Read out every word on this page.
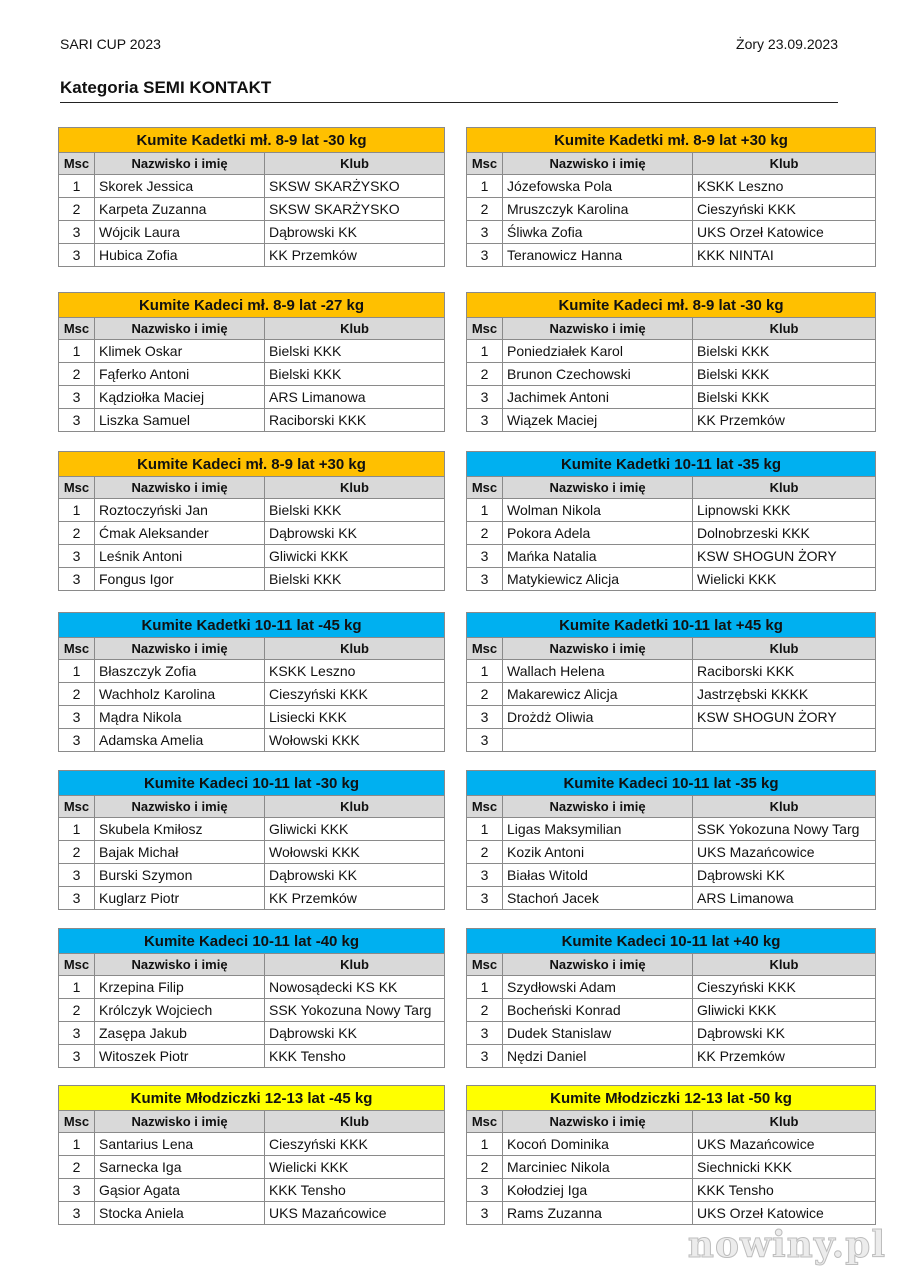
SARI CUP 2023	Żory 23.09.2023
Kategoria SEMI KONTAKT
Kumite Kadetki mł. 8-9 lat -30 kg		
Msc	Nazwisko i imię	Klub
1	Skorek Jessica	SKSW SKARŻYSKO
2	Karpeta Zuzanna	SKSW SKARŻYSKO
3	Wójcik Laura	Dąbrowski KK
3	Hubica Zofia	KK Przemków
Kumite Kadetki mł. 8-9 lat +30 kg		
Msc	Nazwisko i imię	Klub
1	Józefowska Pola	KSKK Leszno
2	Mruszczyk Karolina	Cieszyński KKK
3	Śliwka Zofia	UKS Orzeł Katowice
3	Teranowicz Hanna	KKK NINTAI
Kumite Kadeci mł. 8-9 lat -27 kg		
Msc	Nazwisko i imię	Klub
1	Klimek Oskar	Bielski KKK
2	Fąferko Antoni	Bielski KKK
3	Kądziołka Maciej	ARS Limanowa
3	Liszka Samuel	Raciborski KKK
Kumite Kadeci mł. 8-9 lat -30 kg		
Msc	Nazwisko i imię	Klub
1	Poniedziałek Karol	Bielski KKK
2	Brunon Czechowski	Bielski KKK
3	Jachimek Antoni	Bielski KKK
3	Wiązek Maciej	KK Przemków
Kumite Kadeci mł. 8-9 lat +30 kg		
Msc	Nazwisko i imię	Klub
1	Roztoczyński Jan	Bielski KKK
2	Ćmak Aleksander	Dąbrowski KK
3	Leśnik Antoni	Gliwicki KKK
3	Fongus Igor	Bielski KKK
Kumite Kadetki 10-11 lat -35 kg		
Msc	Nazwisko i imię	Klub
1	Wolman Nikola	Lipnowski KKK
2	Pokora Adela	Dolnobrzeski KKK
3	Mańka Natalia	KSW SHOGUN ŻORY
3	Matykiewicz Alicja	Wielicki KKK
Kumite Kadetki 10-11 lat -45 kg		
Msc	Nazwisko i imię	Klub
1	Błaszczyk Zofia	KSKK Leszno
2	Wachholz Karolina	Cieszyński KKK
3	Mądra Nikola	Lisiecki KKK
3	Adamska Amelia	Wołowski KKK
Kumite Kadetki 10-11 lat +45 kg		
Msc	Nazwisko i imię	Klub
1	Wallach Helena	Raciborski KKK
2	Makarewicz Alicja	Jastrzębski KKKK
3	Drożdż Oliwia	KSW SHOGUN ŻORY
3		
Kumite Kadeci 10-11 lat -30 kg		
Msc	Nazwisko i imię	Klub
1	Skubela Kmiłosz	Gliwicki KKK
2	Bajak Michał	Wołowski KKK
3	Burski Szymon	Dąbrowski KK
3	Kuglarz Piotr	KK Przemków
Kumite Kadeci 10-11 lat -35 kg		
Msc	Nazwisko i imię	Klub
1	Ligas Maksymilian	SSK Yokozuna Nowy Targ
2	Kozik Antoni	UKS Mazańcowice
3	Białas Witold	Dąbrowski KK
3	Stachoń Jacek	ARS Limanowa
Kumite Kadeci 10-11 lat -40 kg		
Msc	Nazwisko i imię	Klub
1	Krzepina Filip	Nowosądecki KS KK
2	Królczyk Wojciech	SSK Yokozuna Nowy Targ
3	Zasępa Jakub	Dąbrowski KK
3	Witoszek Piotr	KKK Tensho
Kumite Kadeci 10-11 lat +40 kg		
Msc	Nazwisko i imię	Klub
1	Szydłowski Adam	Cieszyński KKK
2	Bocheński Konrad	Gliwicki KKK
3	Dudek Stanislaw	Dąbrowski KK
3	Nędzi Daniel	KK Przemków
Kumite Młodziczki 12-13 lat -45 kg		
Msc	Nazwisko i imię	Klub
1	Santarius Lena	Cieszyński KKK
2	Sarnecka Iga	Wielicki KKK
3	Gąsior Agata	KKK Tensho
3	Stocka Aniela	UKS Mazańcowice
Kumite Młodziczki 12-13 lat -50 kg		
Msc	Nazwisko i imię	Klub
1	Kocoń Dominika	UKS Mazańcowice
2	Marciniec Nikola	Siechnicki KKK
3	Kołodziej Iga	KKK Tensho
3	Rams Zuzanna	UKS Orzeł Katowice
nowiny.pl
